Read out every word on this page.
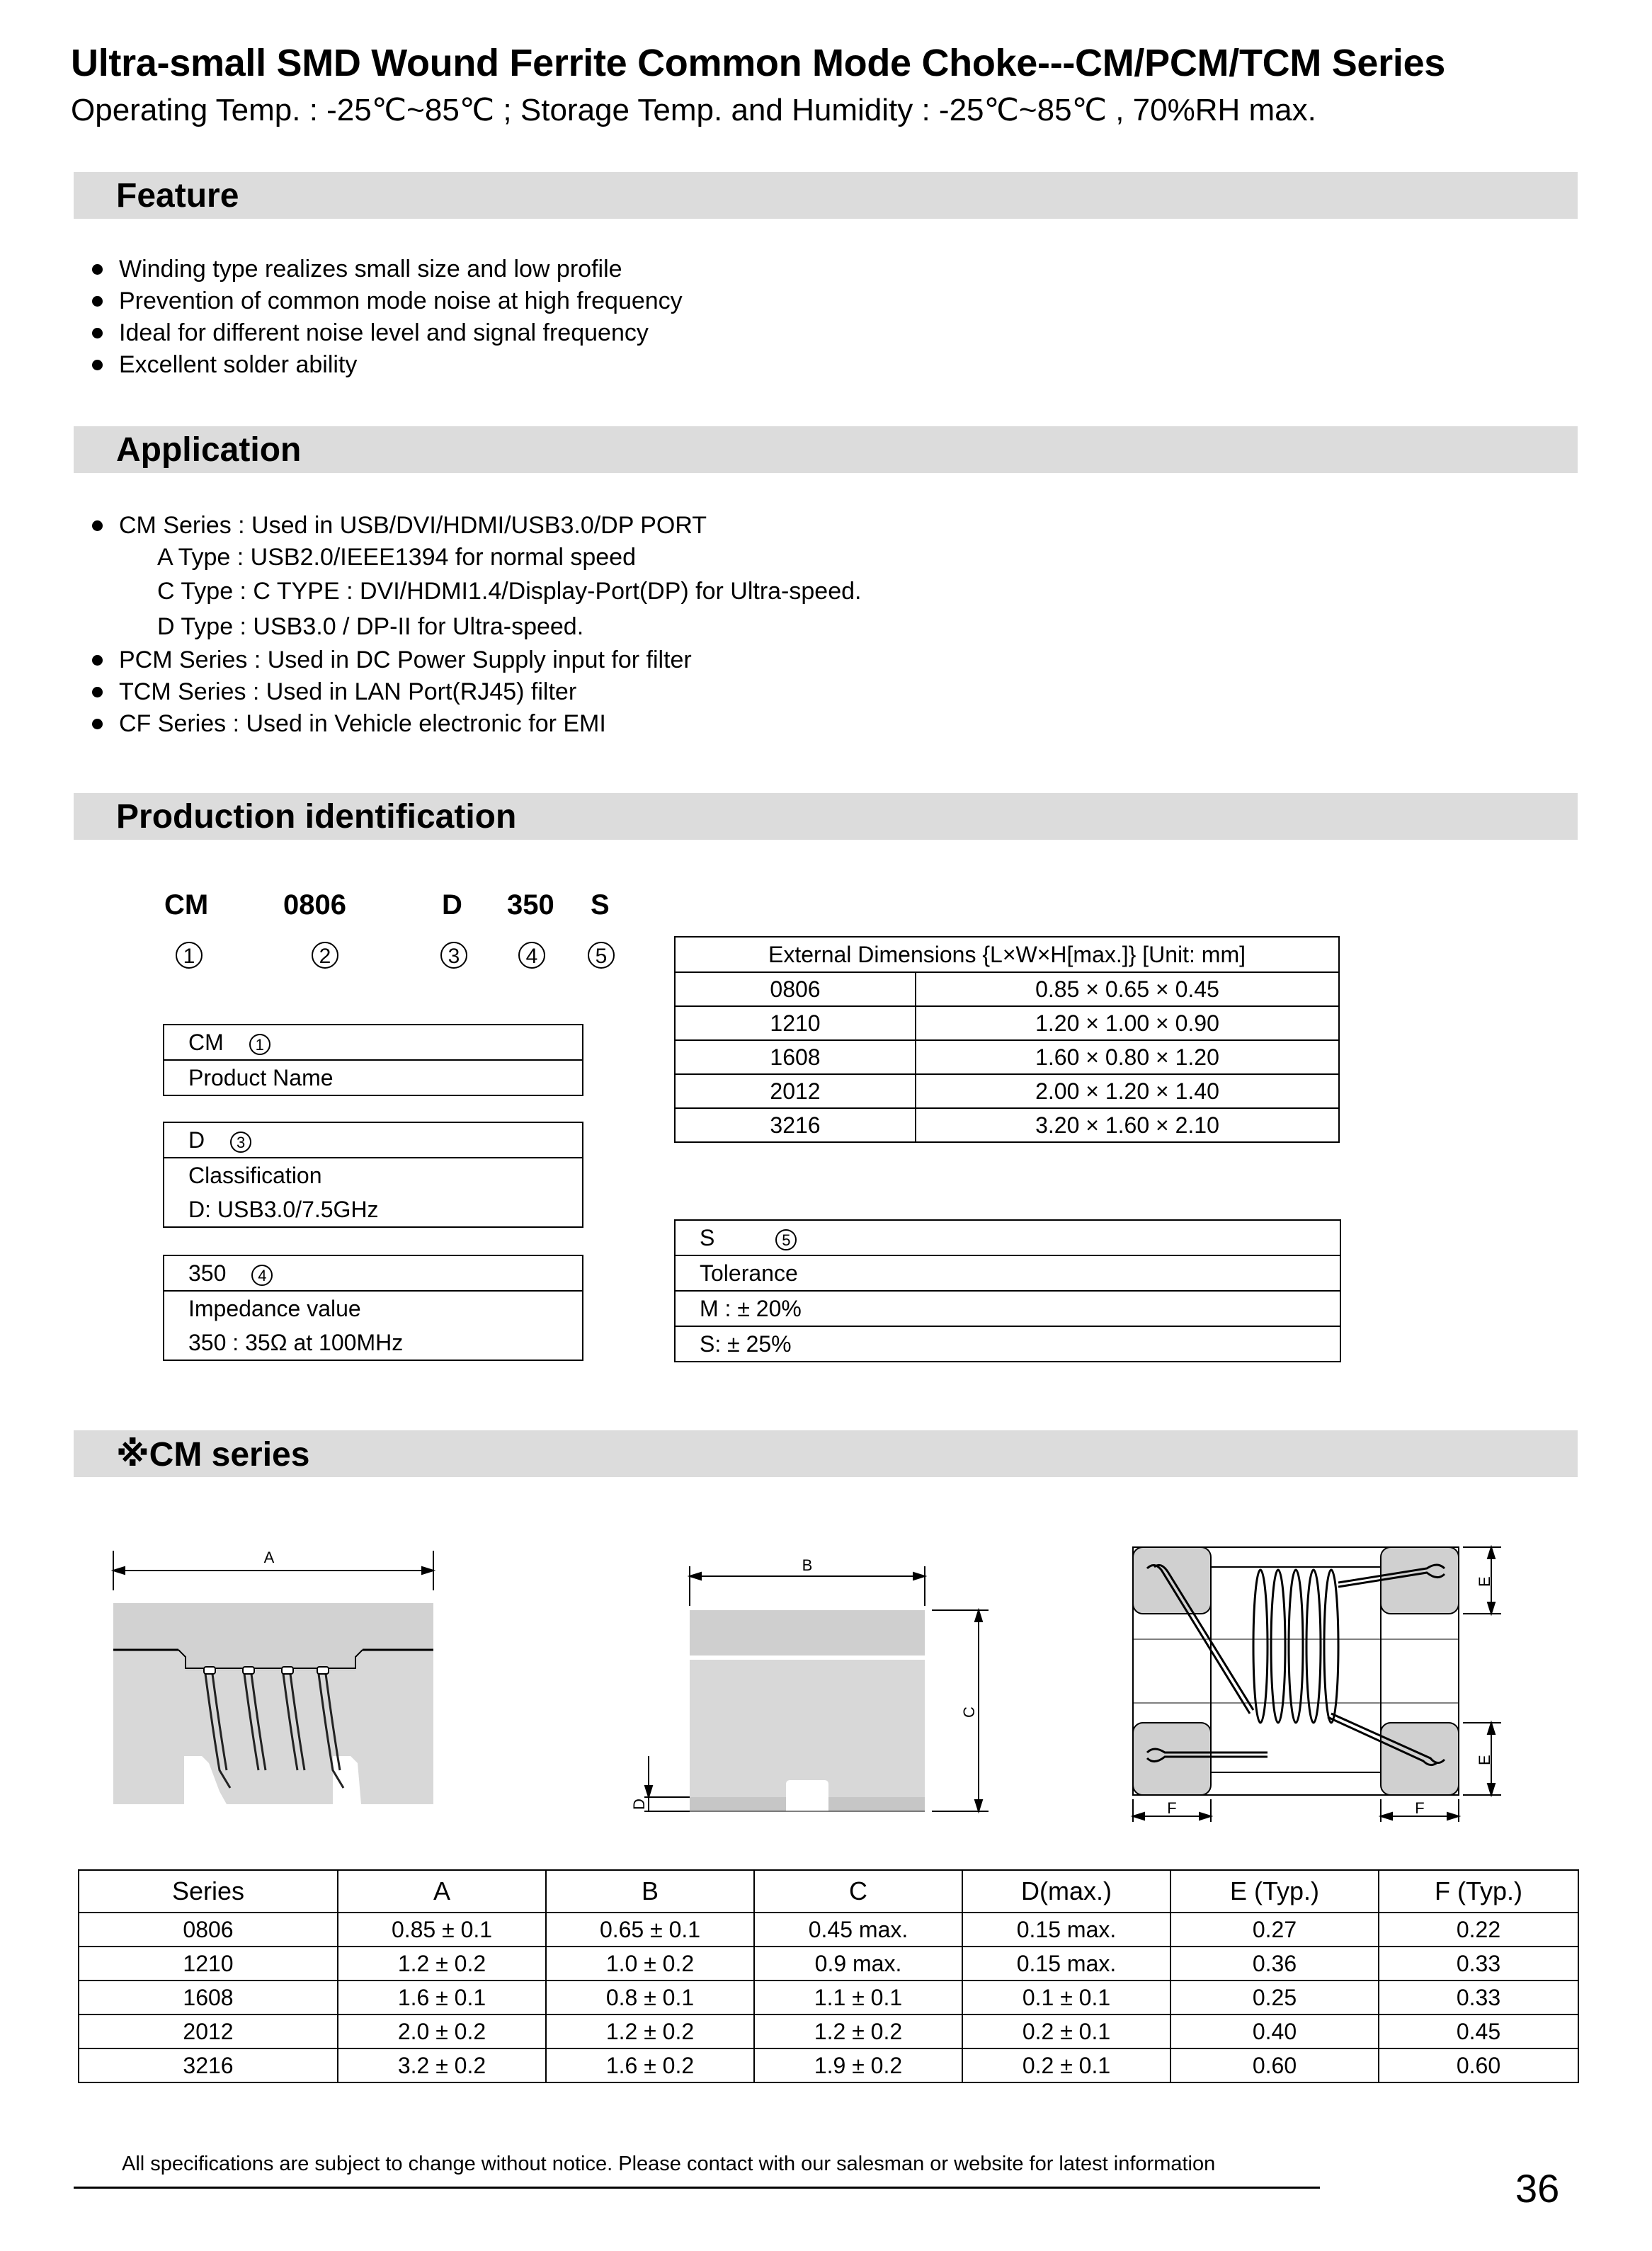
Ultra-small SMD Wound Ferrite Common Mode Choke---CM/PCM/TCM Series
Operating Temp. : -25℃~85℃ ; Storage Temp. and Humidity : -25℃~85℃ , 70%RH max.
Feature
Winding type realizes small size and low profile
Prevention of common mode noise at high frequency
Ideal for different noise level and signal frequency
Excellent solder ability
Application
CM Series : Used in USB/DVI/HDMI/USB3.0/DP PORT
A Type : USB2.0/IEEE1394 for normal speed
C Type : C TYPE : DVI/HDMI1.4/Display-Port(DP) for Ultra-speed.
D Type : USB3.0 / DP-II for Ultra-speed.
PCM Series : Used in DC Power Supply input for filter
TCM Series : Used in LAN Port(RJ45) filter
CF Series : Used in Vehicle electronic for EMI
Production identification
CM	0806	D 350 S
1	2	3	4	5
CM 1
Product Name
D 3
Classification
D: USB3.0/7.5GHz
350 4
Impedance value
350 : 35Ω at 100MHz
External Dimensions {L×W×H[max.]} [Unit: mm]	
0806	0.85 × 0.65 × 0.45
1210	1.20 × 1.00 × 0.90
1608	1.60 × 0.80 × 1.20
2012	2.00 × 1.20 × 1.40
3216	3.20 × 1.60 × 2.10
S	5
Tolerance
M : ± 20%
S: ± 25%
※CM series
A	B
C
D
E
E
F	F
Series	A	B	C	D(max.)	E (Typ.)	F (Typ.)
0806	0.85 ± 0.1	0.65 ± 0.1	0.45 max.	0.15 max.	0.27	0.22
1210	1.2 ± 0.2	1.0 ± 0.2	0.9 max.	0.15 max.	0.36	0.33
1608	1.6 ± 0.1	0.8 ± 0.1	1.1 ± 0.1	0.1 ± 0.1	0.25	0.33
2012	2.0 ± 0.2	1.2 ± 0.2	1.2 ± 0.2	0.2 ± 0.1	0.40	0.45
3216	3.2 ± 0.2	1.6 ± 0.2	1.9 ± 0.2	0.2 ± 0.1	0.60	0.60
All specifications are subject to change without notice. Please contact with our salesman or website for latest information
36
